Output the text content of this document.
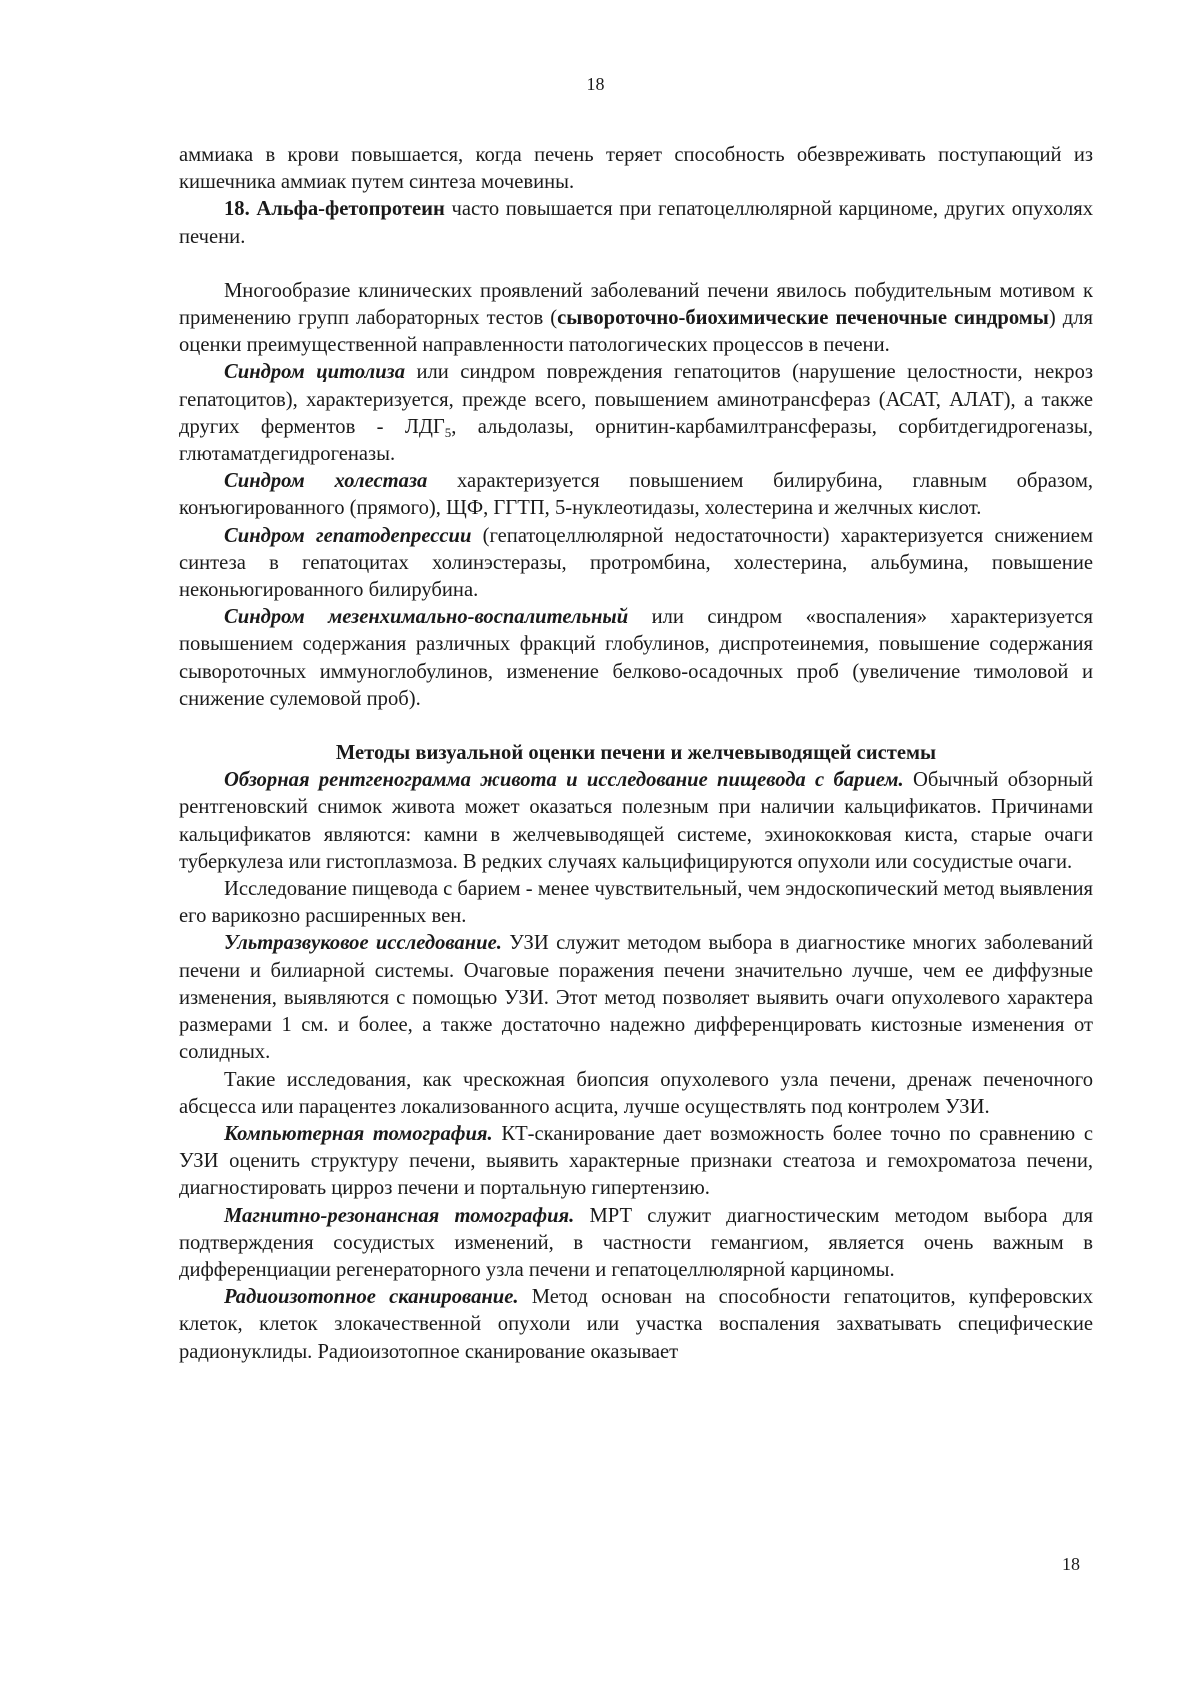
18

аммиака в крови повышается, когда печень теряет способность обезвреживать поступающий из кишечника аммиак путем синтеза мочевины.

18. Альфа-фетопротеин часто повышается при гепатоцеллюлярной карциноме, других опухолях печени.

Многообразие клинических проявлений заболеваний печени явилось побудительным мотивом к применению групп лабораторных тестов (сывороточно-биохимические печеночные синдромы) для оценки преимущественной направленности патологических процессов в печени.

Синдром цитолиза или синдром повреждения гепатоцитов (нарушение целостности, некроз гепатоцитов), характеризуется, прежде всего, повышением аминотрансфераз (АСАТ, АЛАТ), а также других ферментов - $ЛДГ_5$, альдолазы, орнитин-карбамилтрансферазы, сорбитдегидрогеназы, глютаматдегидрогеназы.

Синдром холестаза характеризуется повышением билирубина, главным образом, конъюгированного (прямого), ЩФ, ГГТП, 5-нуклеотидазы, холестерина и желчных кислот.

Синдром гепатодепрессии (гепатоцеллюлярной недостаточности) характеризуется снижением синтеза в гепатоцитах холинэстеразы, протромбина, холестерина, альбумина, повышение неконьюгированного билирубина.

Синдром мезенхимально-воспалительный или синдром «воспаления» характеризуется повышением содержания различных фракций глобулинов, диспротеинемия, повышение содержания сывороточных иммуноглобулинов, изменение белково-осадочных проб (увеличение тимоловой и снижение сулемовой проб).

Методы визуальной оценки печени и желчевыводящей системы

Обзорная рентгенограмма живота и исследование пищевода с барием. Обычный обзорный рентгеновский снимок живота может оказаться полезным при наличии кальцификатов. Причинами кальцификатов являются: камни в желчевыводящей системе, эхинококковая киста, старые очаги туберкулеза или гистоплазмоза. В редких случаях кальцифицируются опухоли или сосудистые очаги.

Исследование пищевода с барием - менее чувствительный, чем эндоскопический метод выявления его варикозно расширенных вен.

Ультразвуковое исследование. УЗИ служит методом выбора в диагностике многих заболеваний печени и билиарной системы. Очаговые поражения печени значительно лучше, чем ее диффузные изменения, выявляются с помощью УЗИ. Этот метод позволяет выявить очаги опухолевого характера размерами 1 см. и более, а также достаточно надежно дифференцировать кистозные изменения от солидных.

Такие исследования, как чрескожная биопсия опухолевого узла печени, дренаж печеночного абсцесса или парацентез локализованного асцита, лучше осуществлять под контролем УЗИ.

Компьютерная томография. КТ-сканирование дает возможность более точно по сравнению с УЗИ оценить структуру печени, выявить характерные признаки стеатоза и гемохроматоза печени, диагностировать цирроз печени и портальную гипертензию.

Магнитно-резонансная томография. МРТ служит диагностическим методом выбора для подтверждения сосудистых изменений, в частности гемангиом, является очень важным в дифференциации регенераторного узла печени и гепатоцеллюлярной карциномы.

Радиоизотопное сканирование. Метод основан на способности гепатоцитов, купферовских клеток, клеток злокачественной опухоли или участка воспаления захватывать специфические радионуклиды. Радиоизотопное сканирование оказывает

18
